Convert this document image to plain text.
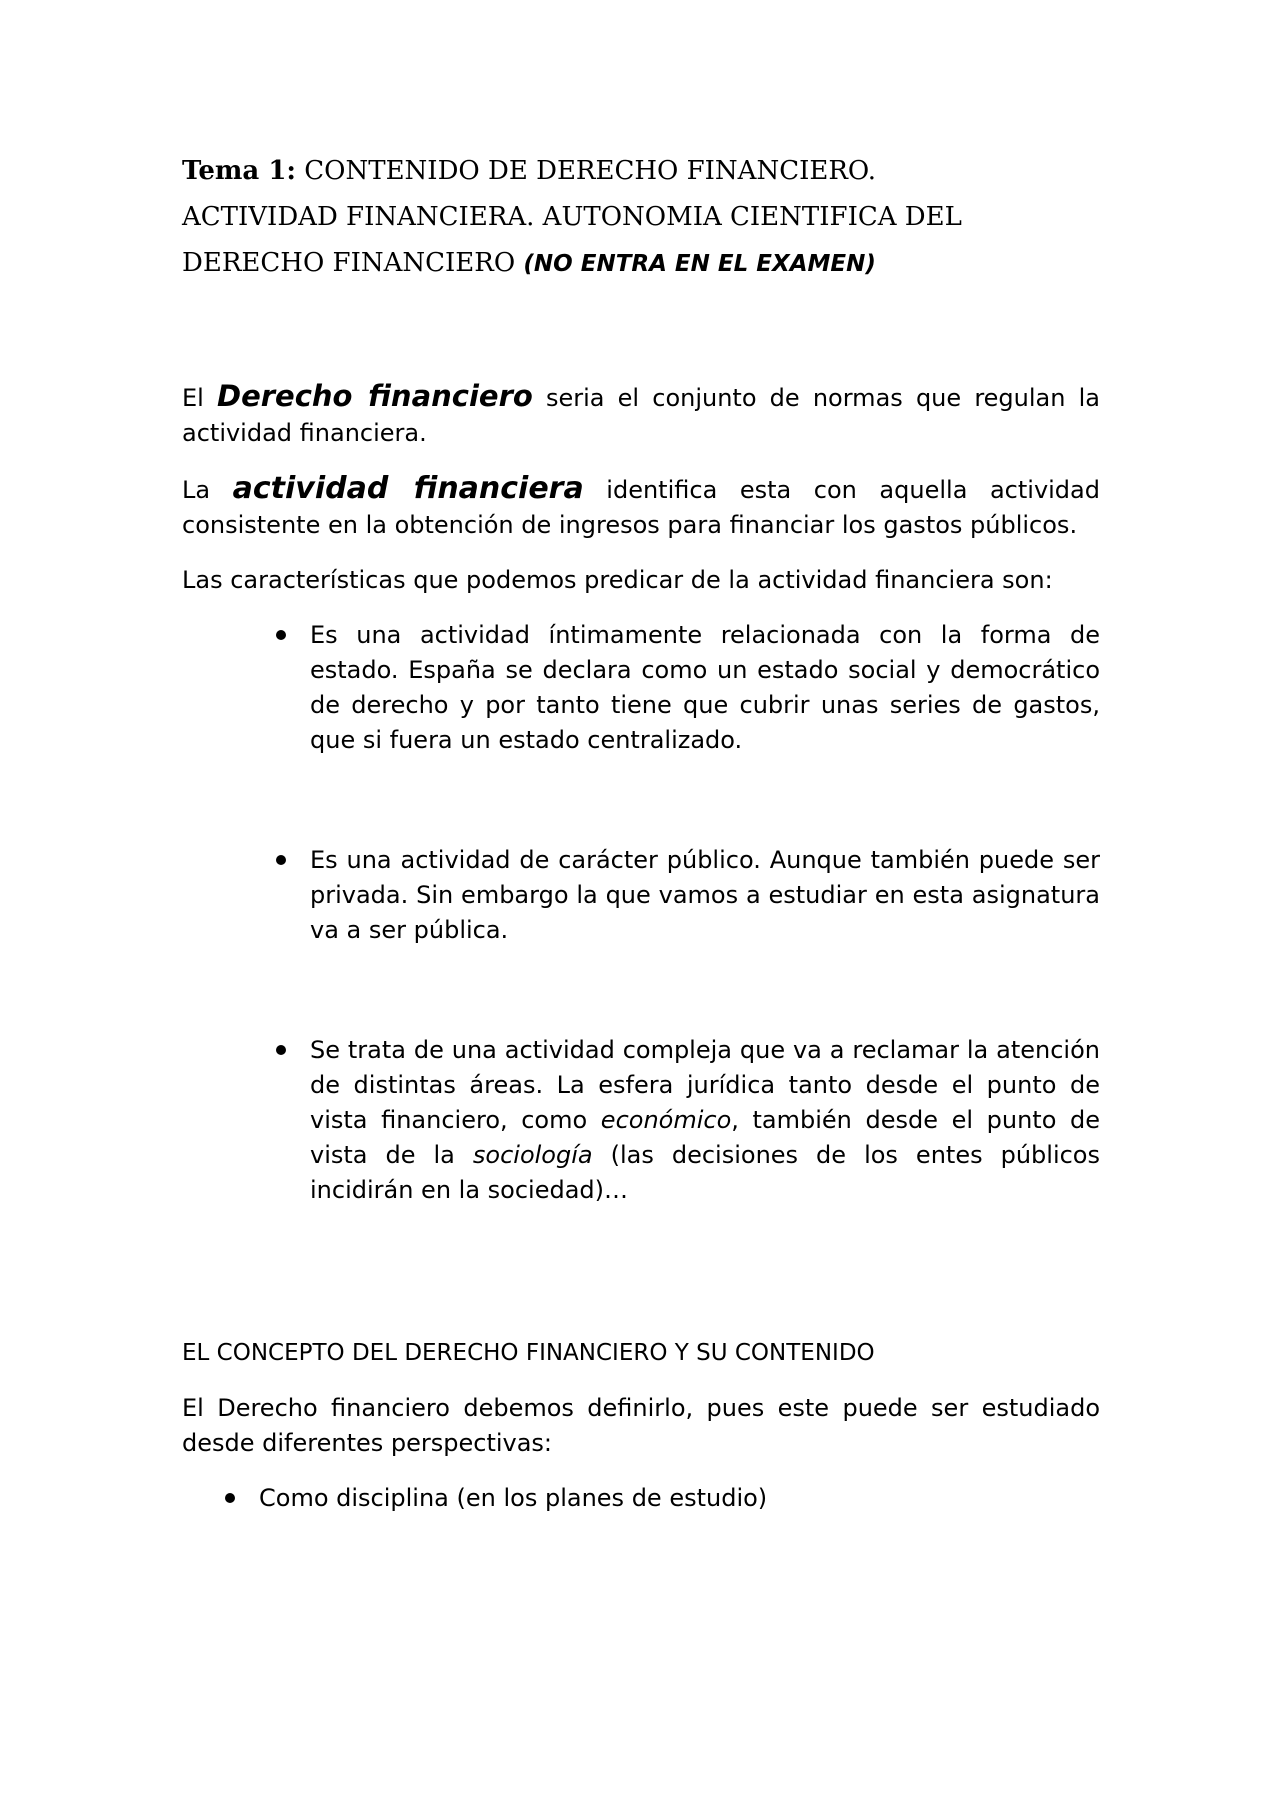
Tema 1: CONTENIDO DE DERECHO FINANCIERO.
ACTIVIDAD FINANCIERA. AUTONOMIA CIENTIFICA DEL
DERECHO FINANCIERO (NO ENTRA EN EL EXAMEN)

El Derecho financiero seria el conjunto de normas que regulan la actividad financiera.

La actividad financiera identifica esta con aquella actividad consistente en la obtención de ingresos para financiar los gastos públicos.

Las características que podemos predicar de la actividad financiera son:

Es una actividad íntimamente relacionada con la forma de estado. España se declara como un estado social y democrático de derecho y por tanto tiene que cubrir unas series de gastos, que si fuera un estado centralizado.
Es una actividad de carácter público. Aunque también puede ser privada. Sin embargo la que vamos a estudiar en esta asignatura va a ser pública.
Se trata de una actividad compleja que va a reclamar la atención de distintas áreas. La esfera jurídica tanto desde el punto de vista financiero, como económico, también desde el punto de vista de la sociología (las decisiones de los entes públicos incidirán en la sociedad)…
EL CONCEPTO DEL DERECHO FINANCIERO Y SU CONTENIDO

El Derecho financiero debemos definirlo, pues este puede ser estudiado desde diferentes perspectivas:

Como disciplina (en los planes de estudio)
